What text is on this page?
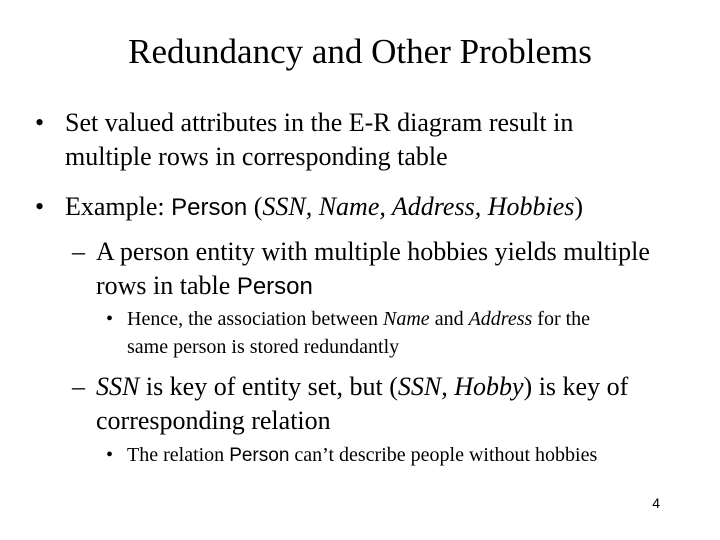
Redundancy and Other Problems
• Set valued attributes in the E-R diagram result in
multiple rows in corresponding table
• Example: Person (SSN, Name, Address, Hobbies)
– A person entity with multiple hobbies yields multiple
rows in table Person
• Hence, the association between Name and Address for the
same person is stored redundantly
– SSN is key of entity set, but (SSN, Hobby) is key of
corresponding relation
• The relation Person can’t describe people without hobbies
4
